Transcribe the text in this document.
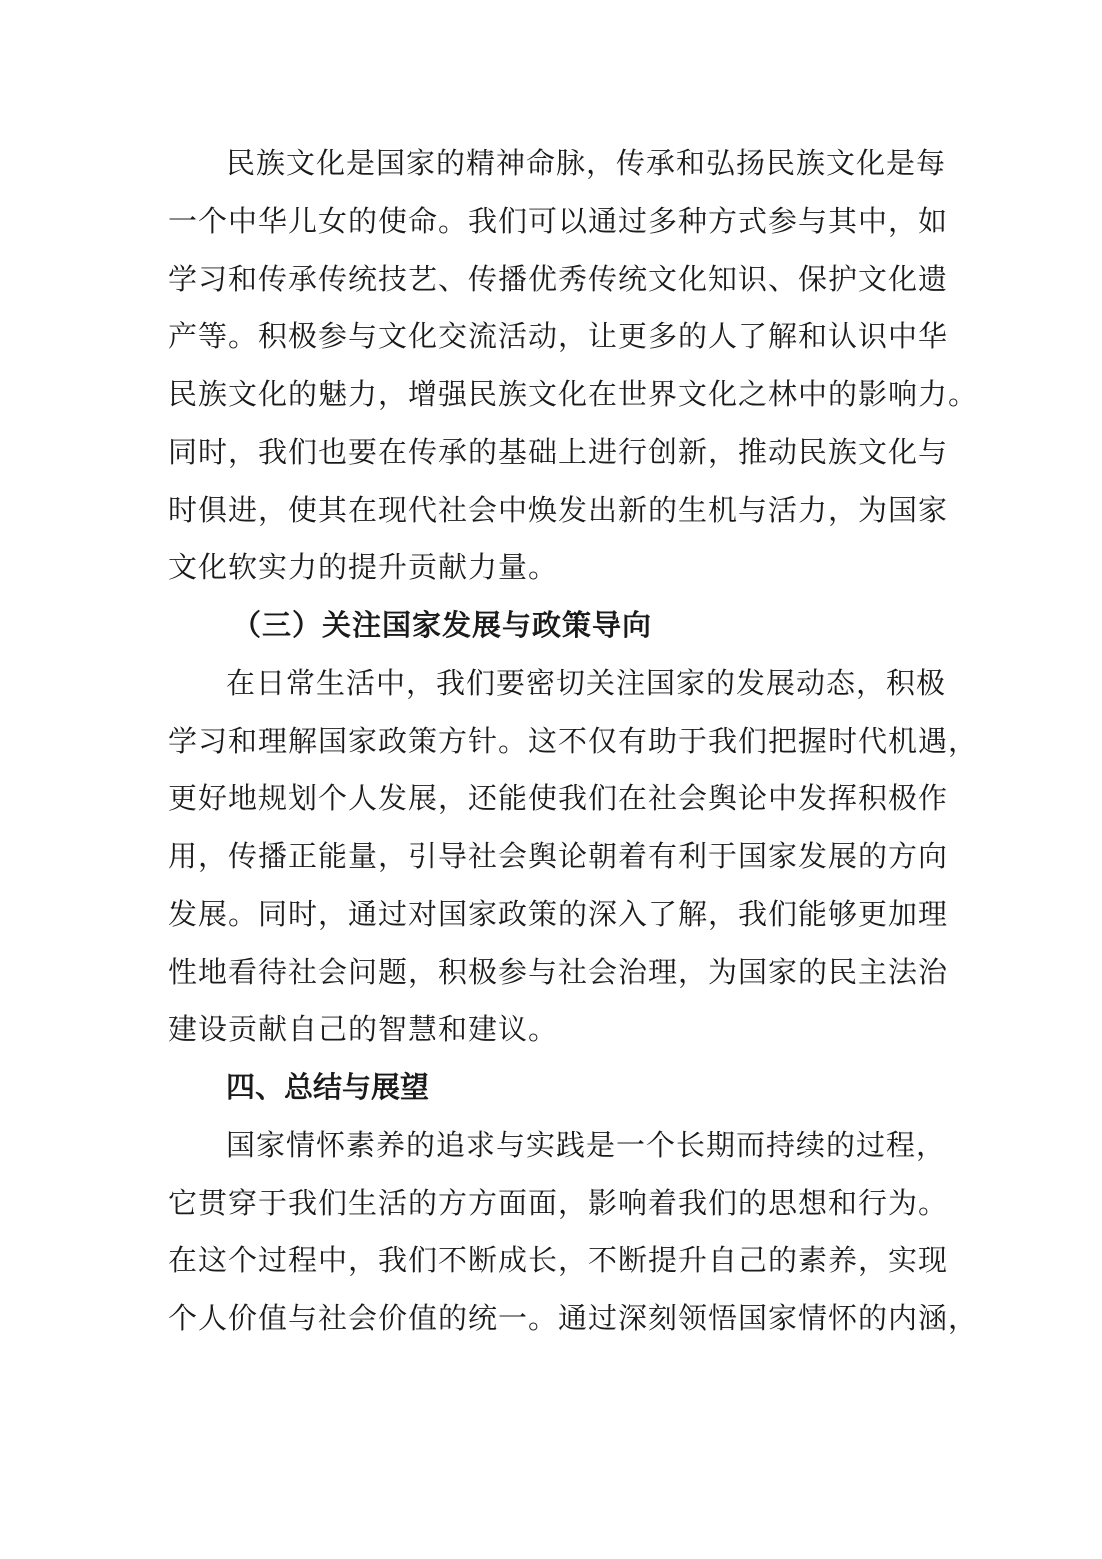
民族文化是国家的精神命脉，传承和弘扬民族文化是每
一个中华儿女的使命。我们可以通过多种方式参与其中，如
学习和传承传统技艺、传播优秀传统文化知识、保护文化遗
产等。积极参与文化交流活动，让更多的人了解和认识中华
民族文化的魅力，增强民族文化在世界文化之林中的影响力。
同时，我们也要在传承的基础上进行创新，推动民族文化与
时俱进，使其在现代社会中焕发出新的生机与活力，为国家
文化软实力的提升贡献力量。
（三）关注国家发展与政策导向
在日常生活中，我们要密切关注国家的发展动态，积极
学习和理解国家政策方针。这不仅有助于我们把握时代机遇，
更好地规划个人发展，还能使我们在社会舆论中发挥积极作
用，传播正能量，引导社会舆论朝着有利于国家发展的方向
发展。同时，通过对国家政策的深入了解，我们能够更加理
性地看待社会问题，积极参与社会治理，为国家的民主法治
建设贡献自己的智慧和建议。
四、总结与展望
国家情怀素养的追求与实践是一个长期而持续的过程，
它贯穿于我们生活的方方面面，影响着我们的思想和行为。
在这个过程中，我们不断成长，不断提升自己的素养，实现
个人价值与社会价值的统一。通过深刻领悟国家情怀的内涵，
